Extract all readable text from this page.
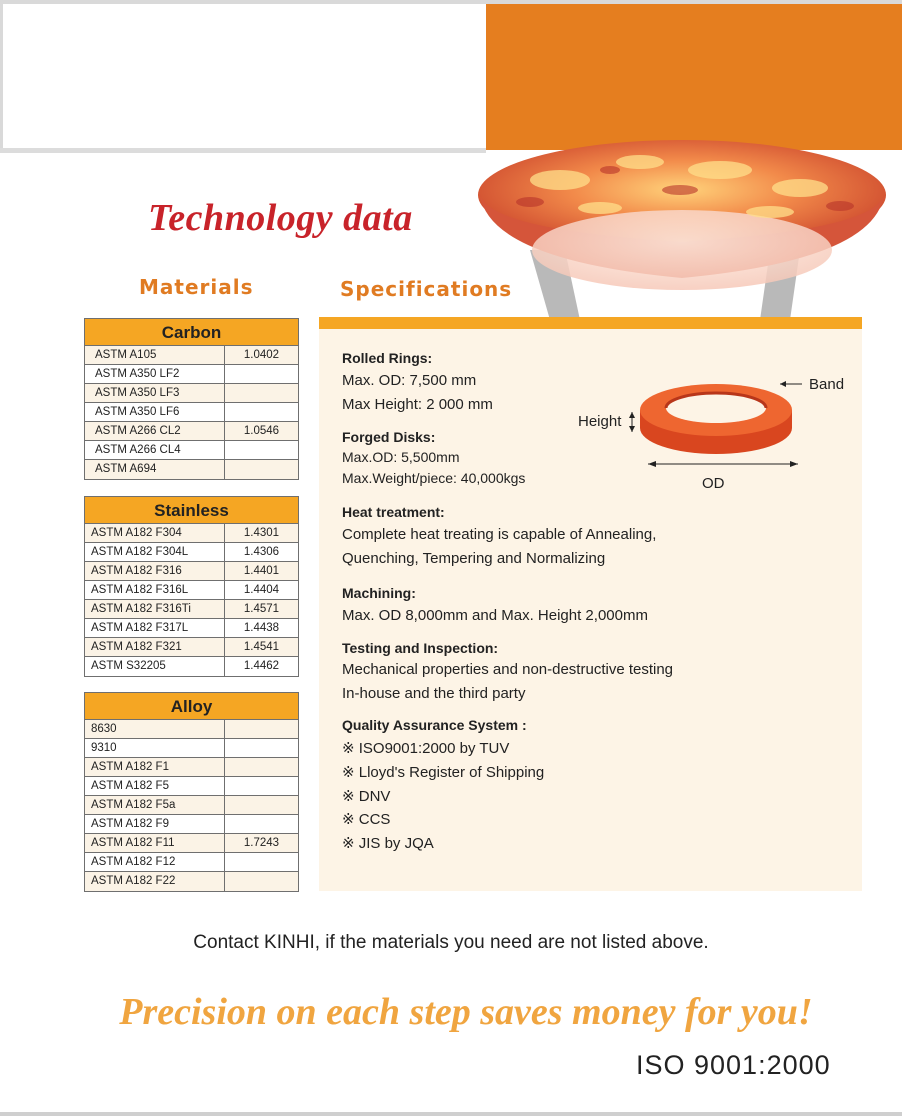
Technology data
Materials	Specifications
Carbon
ASTM A105	1.0402
ASTM A350 LF2
ASTM A350 LF3
ASTM A350 LF6
ASTM A266 CL2	1.0546
ASTM A266 CL4
ASTM A694
Stainless
ASTM A182 F304	1.4301
ASTM A182 F304L	1.4306
ASTM A182 F316	1.4401
ASTM A182 F316L	1.4404
ASTM A182 F316Ti	1.4571
ASTM A182 F317L	1.4438
ASTM A182 F321	1.4541
ASTM S32205	1.4462
Alloy
8630
9310
ASTM A182 F1
ASTM A182 F5
ASTM A182 F5a
ASTM A182 F9
ASTM A182 F11	1.7243
ASTM A182 F12
ASTM A182 F22
Rolled Rings:
Max. OD: 7,500 mm
Max Height: 2 000 mm
Forged Disks:
Max.OD: 5,500mm
Max.Weight/piece: 40,000kgs
Heat treatment:
Complete heat treating is capable of Annealing,
Quenching, Tempering and Normalizing
Machining:
Max. OD 8,000mm and Max. Height 2,000mm
Testing and Inspection:
Mechanical properties and non-destructive testing
In-house and the third party
Quality Assurance System :
※ ISO9001:2000 by TUV
※ Lloyd's Register of Shipping
※ DNV
※ CCS
※ JIS by JQA
Band
Height
OD
Contact KINHI, if the materials you need are not listed above.
Precision on each step saves money for you!
ISO 9001:2000
